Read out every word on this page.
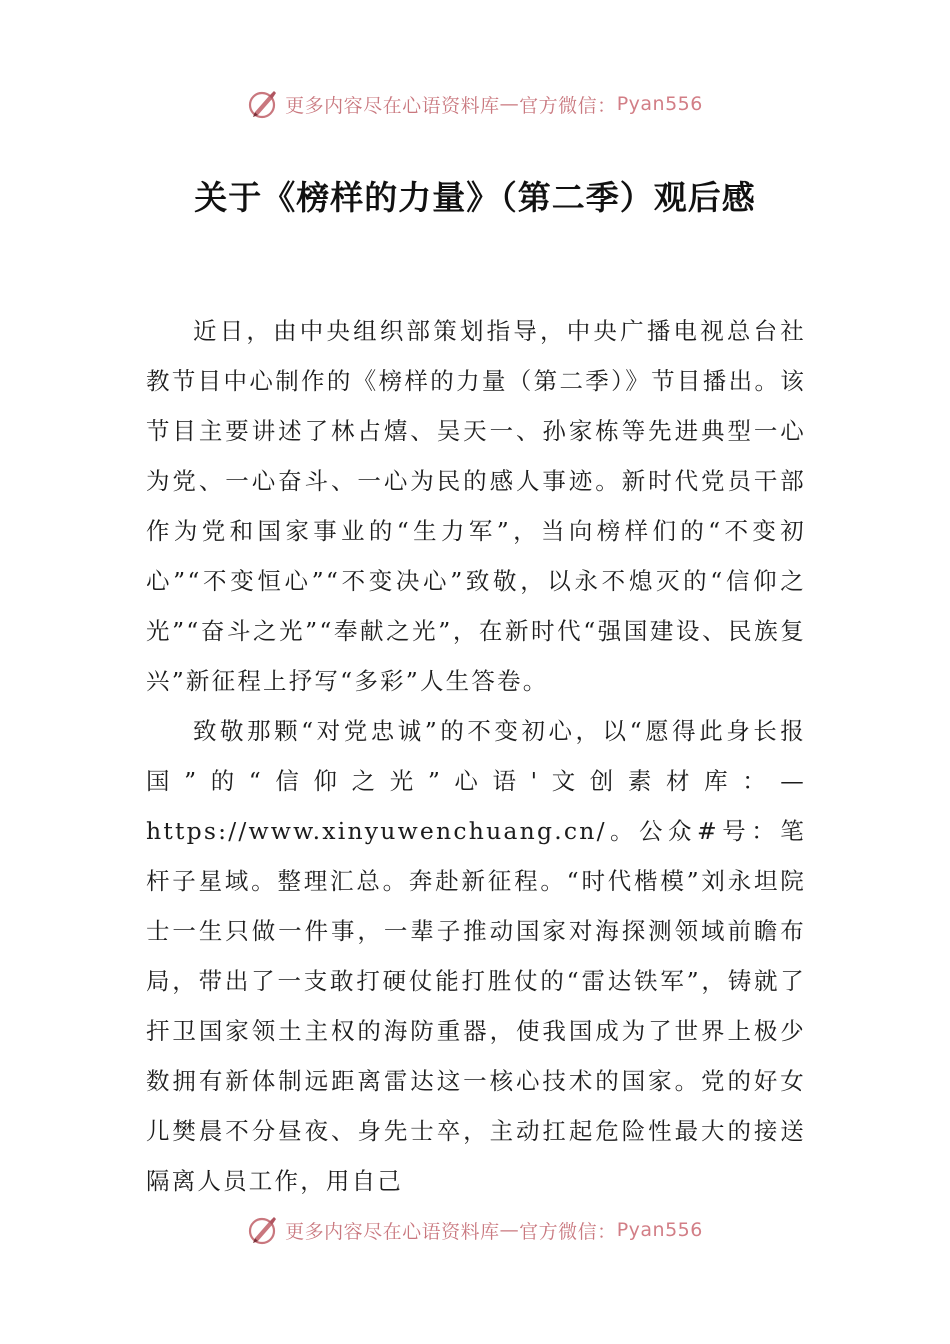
更多内容尽在心语资料库 — 官方微信： Pyan556
关于《榜样的力量》（第二季）观后感

近日，由中央组织部策划指导，中央广播电视总台社教节目中心制作的《榜样的力量（第二季）》节目播出。该节目主要讲述了林占熺、吴天一、孙家栋等先进典型一心为党、一心奋斗、一心为民的感人事迹。新时代党员干部作为党和国家事业的“生力军”，当向榜样们的“不变初心”“不变恒心”“不变决心”致敬，以永不熄灭的“信仰之光”“奋斗之光”“奉献之光”，在新时代“强国建设、民族复兴”新征程上抒写“多彩”人生答卷。

致敬那颗“对党忠诚”的不变初心，以“愿得此身长报国”的“信仰之光”心语'文创素材库：—https://www.xinyuwenchuang.cn/。公众#号：笔杆子星域。整理汇总。奔赴新征程。“时代楷模”刘永坦院士一生只做一件事，一辈子推动国家对海探测领域前瞻布局，带出了一支敢打硬仗能打胜仗的“雷达铁军”，铸就了扞卫国家领土主权的海防重器，使我国成为了世界上极少数拥有新体制远距离雷达这一核心技术的国家。党的好女儿樊晨不分昼夜、身先士卒，主动扛起危险性最大的接送隔离人员工作，用自己

更多内容尽在心语资料库 — 官方微信： Pyan556
